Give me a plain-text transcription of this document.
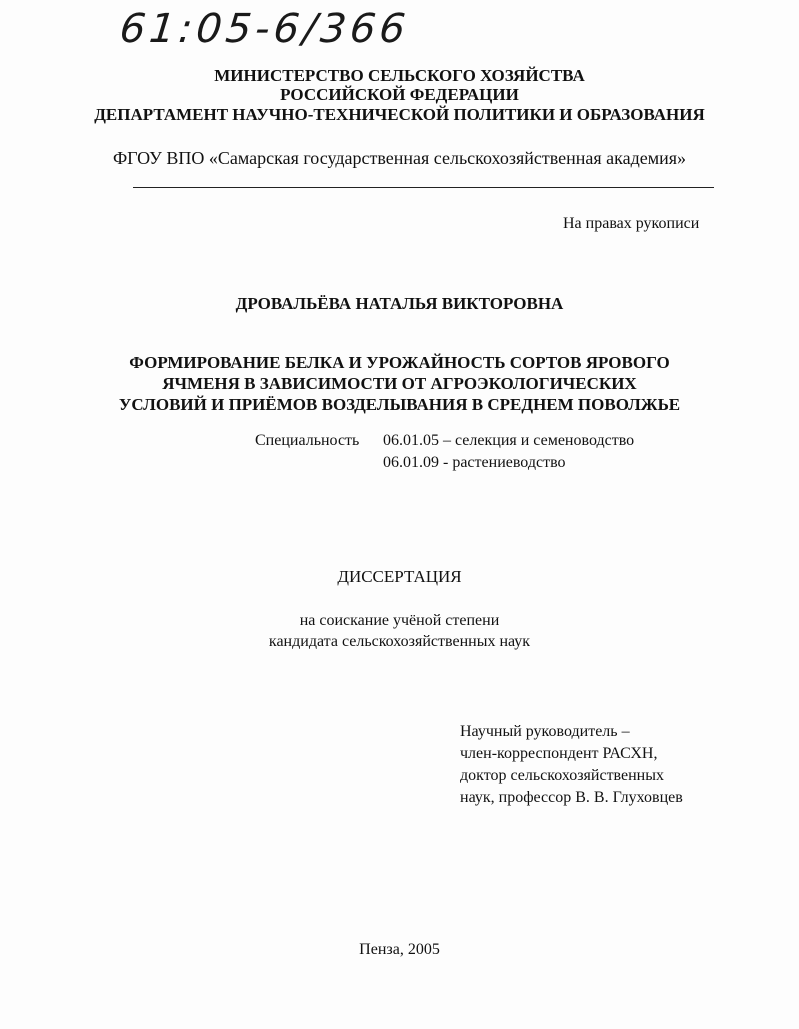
61:05-6/366
МИНИСТЕРСТВО СЕЛЬСКОГО ХОЗЯЙСТВА
РОССИЙСКОЙ ФЕДЕРАЦИИ
ДЕПАРТАМЕНТ НАУЧНО-ТЕХНИЧЕСКОЙ ПОЛИТИКИ И ОБРАЗОВАНИЯ
ФГОУ ВПО «Самарская государственная сельскохозяйственная академия»
На правах рукописи
ДРОВАЛЬЁВА НАТАЛЬЯ ВИКТОРОВНА
ФОРМИРОВАНИЕ БЕЛКА И УРОЖАЙНОСТЬ СОРТОВ ЯРОВОГО
ЯЧМЕНЯ В ЗАВИСИМОСТИ ОТ АГРОЭКОЛОГИЧЕСКИХ
УСЛОВИЙ И ПРИЁМОВ ВОЗДЕЛЫВАНИЯ В СРЕДНЕМ ПОВОЛЖЬЕ
Специальность 06.01.05 – селекция и семеноводство
06.01.09 - растениеводство
ДИССЕРТАЦИЯ
на соискание учёной степени
кандидата сельскохозяйственных наук
Научный руководитель –
член-корреспондент РАСХН,
доктор сельскохозяйственных
наук, профессор В. В. Глуховцев
Пенза, 2005
